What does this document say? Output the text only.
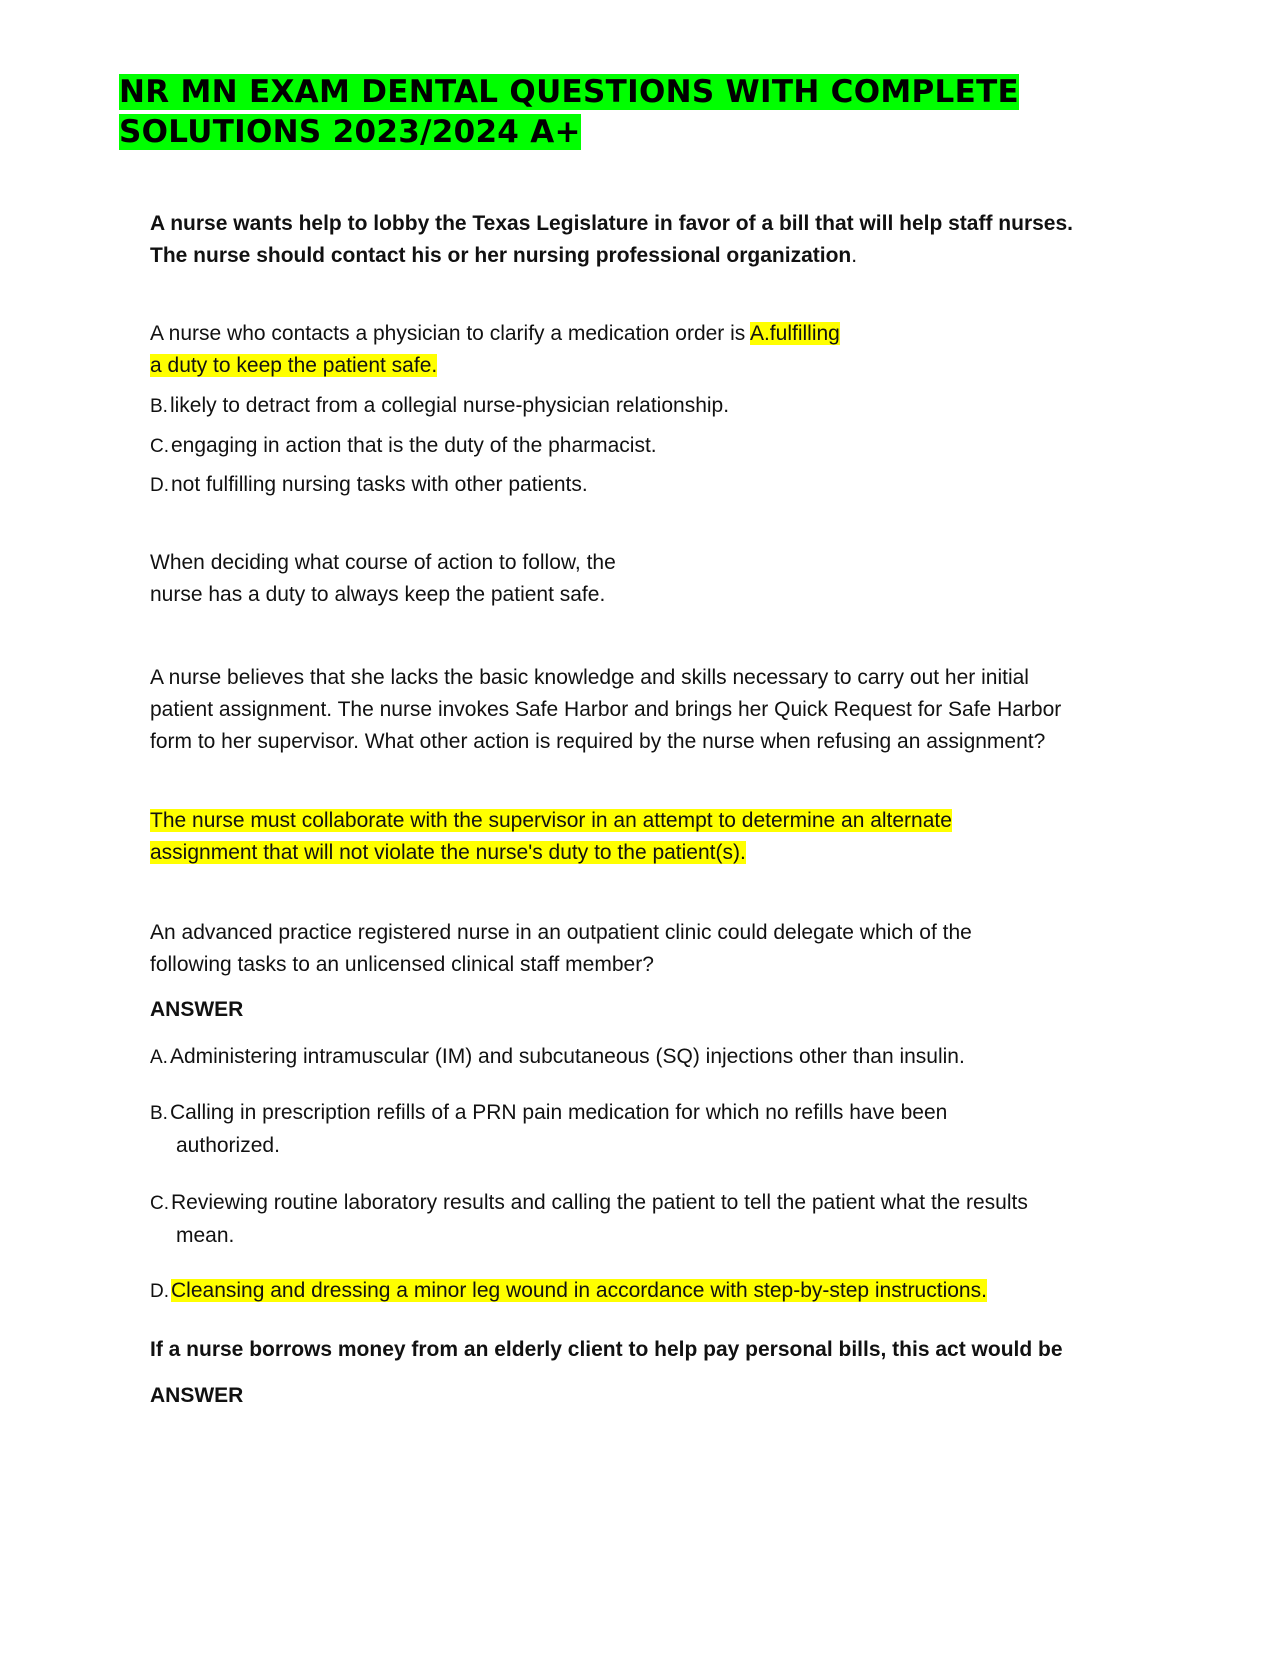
NR MN EXAM DENTAL QUESTIONS WITH COMPLETE
SOLUTIONS 2023/2024 A+
A nurse wants help to lobby the Texas Legislature in favor of a bill that will help staff nurses.
The nurse should contact his or her nursing professional organization.
A nurse who contacts a physician to clarify a medication order is A.fulfilling
a duty to keep the patient safe.
B.likely to detract from a collegial nurse-physician relationship.
C.engaging in action that is the duty of the pharmacist.
D.not fulfilling nursing tasks with other patients.
When deciding what course of action to follow, the
nurse has a duty to always keep the patient safe.
A nurse believes that she lacks the basic knowledge and skills necessary to carry out her initial
patient assignment. The nurse invokes Safe Harbor and brings her Quick Request for Safe Harbor
form to her supervisor. What other action is required by the nurse when refusing an assignment?
The nurse must collaborate with the supervisor in an attempt to determine an alternate
assignment that will not violate the nurse's duty to the patient(s).
An advanced practice registered nurse in an outpatient clinic could delegate which of the
following tasks to an unlicensed clinical staff member?
ANSWER
A.Administering intramuscular (IM) and subcutaneous (SQ) injections other than insulin.
B.Calling in prescription refills of a PRN pain medication for which no refills have been
authorized.
C.Reviewing routine laboratory results and calling the patient to tell the patient what the results
mean.
D.Cleansing and dressing a minor leg wound in accordance with step-by-step instructions.
If a nurse borrows money from an elderly client to help pay personal bills, this act would be
ANSWER
